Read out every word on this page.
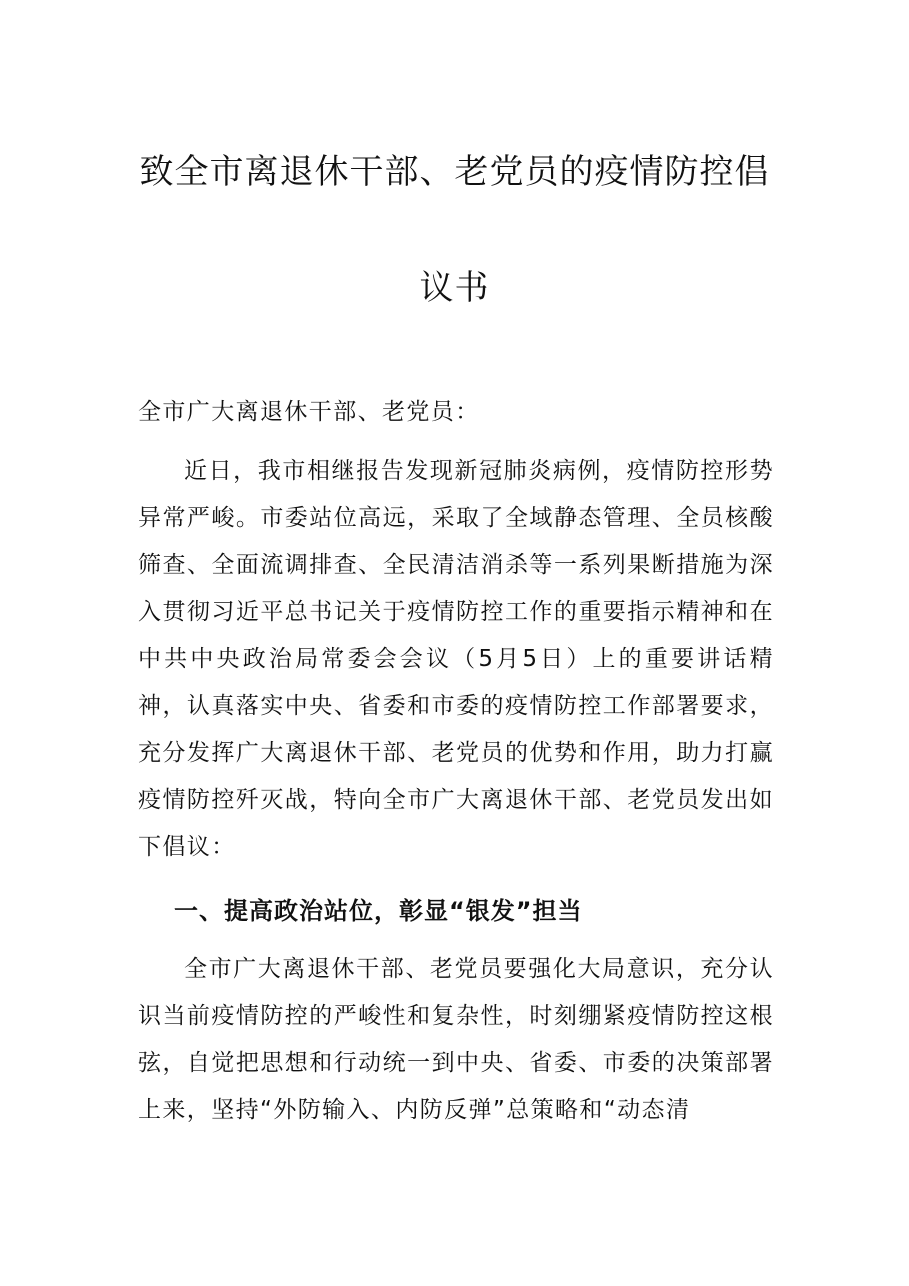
致全市离退休干部、老党员的疫情防控倡
议书
全市广大离退休干部、老党员：
近日，我市相继报告发现新冠肺炎病例，疫情防控形势异常严峻。市委站位高远，采取了全域静态管理、全员核酸筛查、全面流调排查、全民清洁消杀等一系列果断措施为深入贯彻习近平总书记关于疫情防控工作的重要指示精神和在中共中央政治局常委会会议（5月5日）上的重要讲话精神，认真落实中央、省委和市委的疫情防控工作部署要求，充分发挥广大离退休干部、老党员的优势和作用，助力打赢疫情防控歼灭战，特向全市广大离退休干部、老党员发出如下倡议：
一、提高政治站位，彰显“银发”担当
全市广大离退休干部、老党员要强化大局意识，充分认识当前疫情防控的严峻性和复杂性，时刻绷紧疫情防控这根弦，自觉把思想和行动统一到中央、省委、市委的决策部署上来，坚持“外防输入、内防反弹”总策略和“动态清
